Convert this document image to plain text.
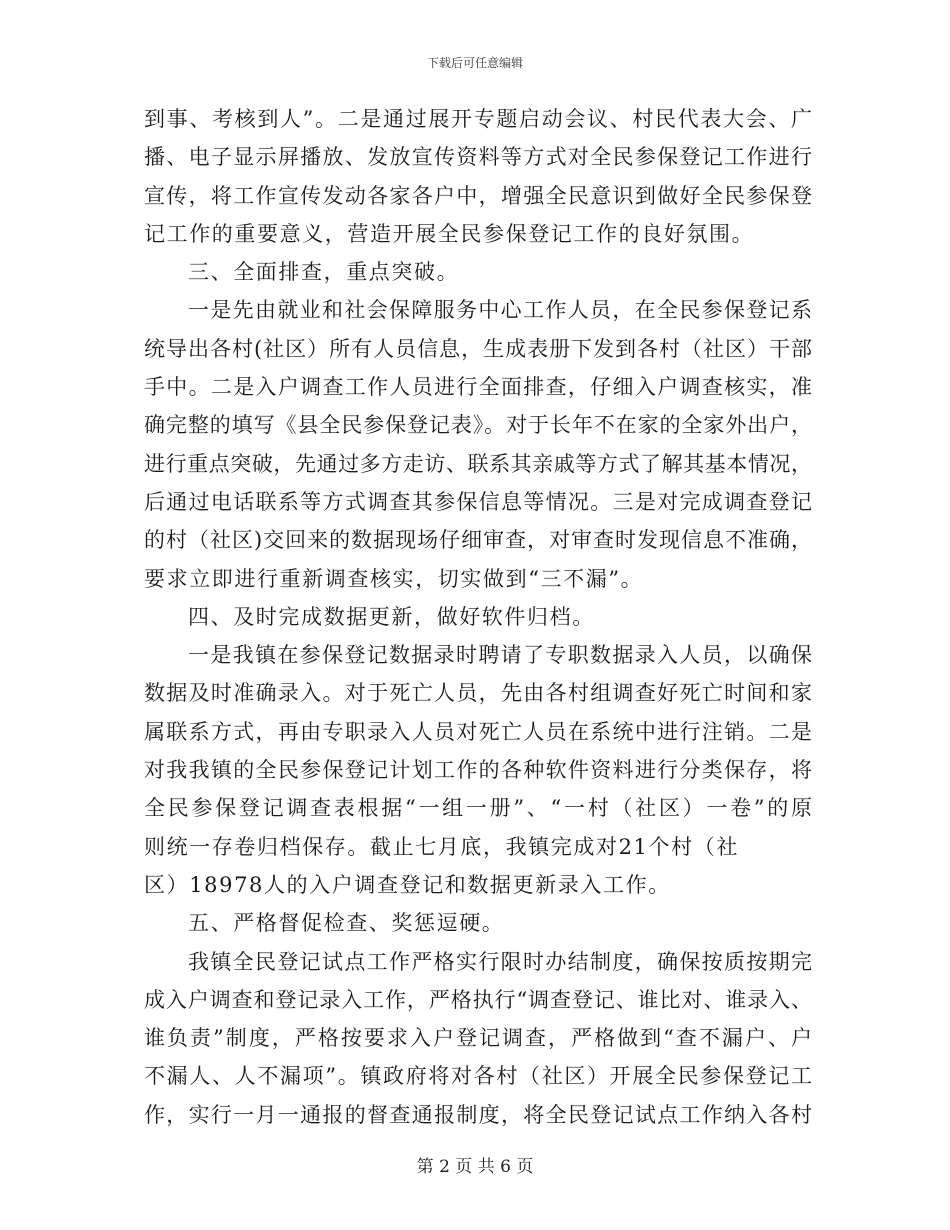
下载后可任意编辑
到事、考核到人”。二是通过展开专题启动会议、村民代表大会、广
播、电子显示屏播放、发放宣传资料等方式对全民参保登记工作进行
宣传，将工作宣传发动各家各户中，增强全民意识到做好全民参保登
记工作的重要意义，营造开展全民参保登记工作的良好氛围。
三、全面排查，重点突破。
一是先由就业和社会保障服务中心工作人员，在全民参保登记系
统导出各村(社区）所有人员信息，生成表册下发到各村（社区）干部
手中。二是入户调查工作人员进行全面排查，仔细入户调查核实，准
确完整的填写《县全民参保登记表》。对于长年不在家的全家外出户，
进行重点突破，先通过多方走访、联系其亲戚等方式了解其基本情况，
后通过电话联系等方式调查其参保信息等情况。三是对完成调查登记
的村（社区)交回来的数据现场仔细审查，对审查时发现信息不准确，
要求立即进行重新调查核实，切实做到“三不漏”。
四、及时完成数据更新，做好软件归档。
一是我镇在参保登记数据录时聘请了专职数据录入人员，以确保
数据及时准确录入。对于死亡人员，先由各村组调查好死亡时间和家
属联系方式，再由专职录入人员对死亡人员在系统中进行注销。二是
对我我镇的全民参保登记计划工作的各种软件资料进行分类保存，将
全民参保登记调查表根据“一组一册”、“一村（社区）一卷”的原
则统一存卷归档保存。截止七月底，我镇完成对21个村（社
区）18978人的入户调查登记和数据更新录入工作。
五、严格督促检查、奖惩逗硬。
我镇全民登记试点工作严格实行限时办结制度，确保按质按期完
成入户调查和登记录入工作，严格执行“调查登记、谁比对、谁录入、
谁负责”制度，严格按要求入户登记调查，严格做到“查不漏户、户
不漏人、人不漏项”。镇政府将对各村（社区）开展全民参保登记工
作，实行一月一通报的督查通报制度，将全民登记试点工作纳入各村
第 2 页 共 6 页
